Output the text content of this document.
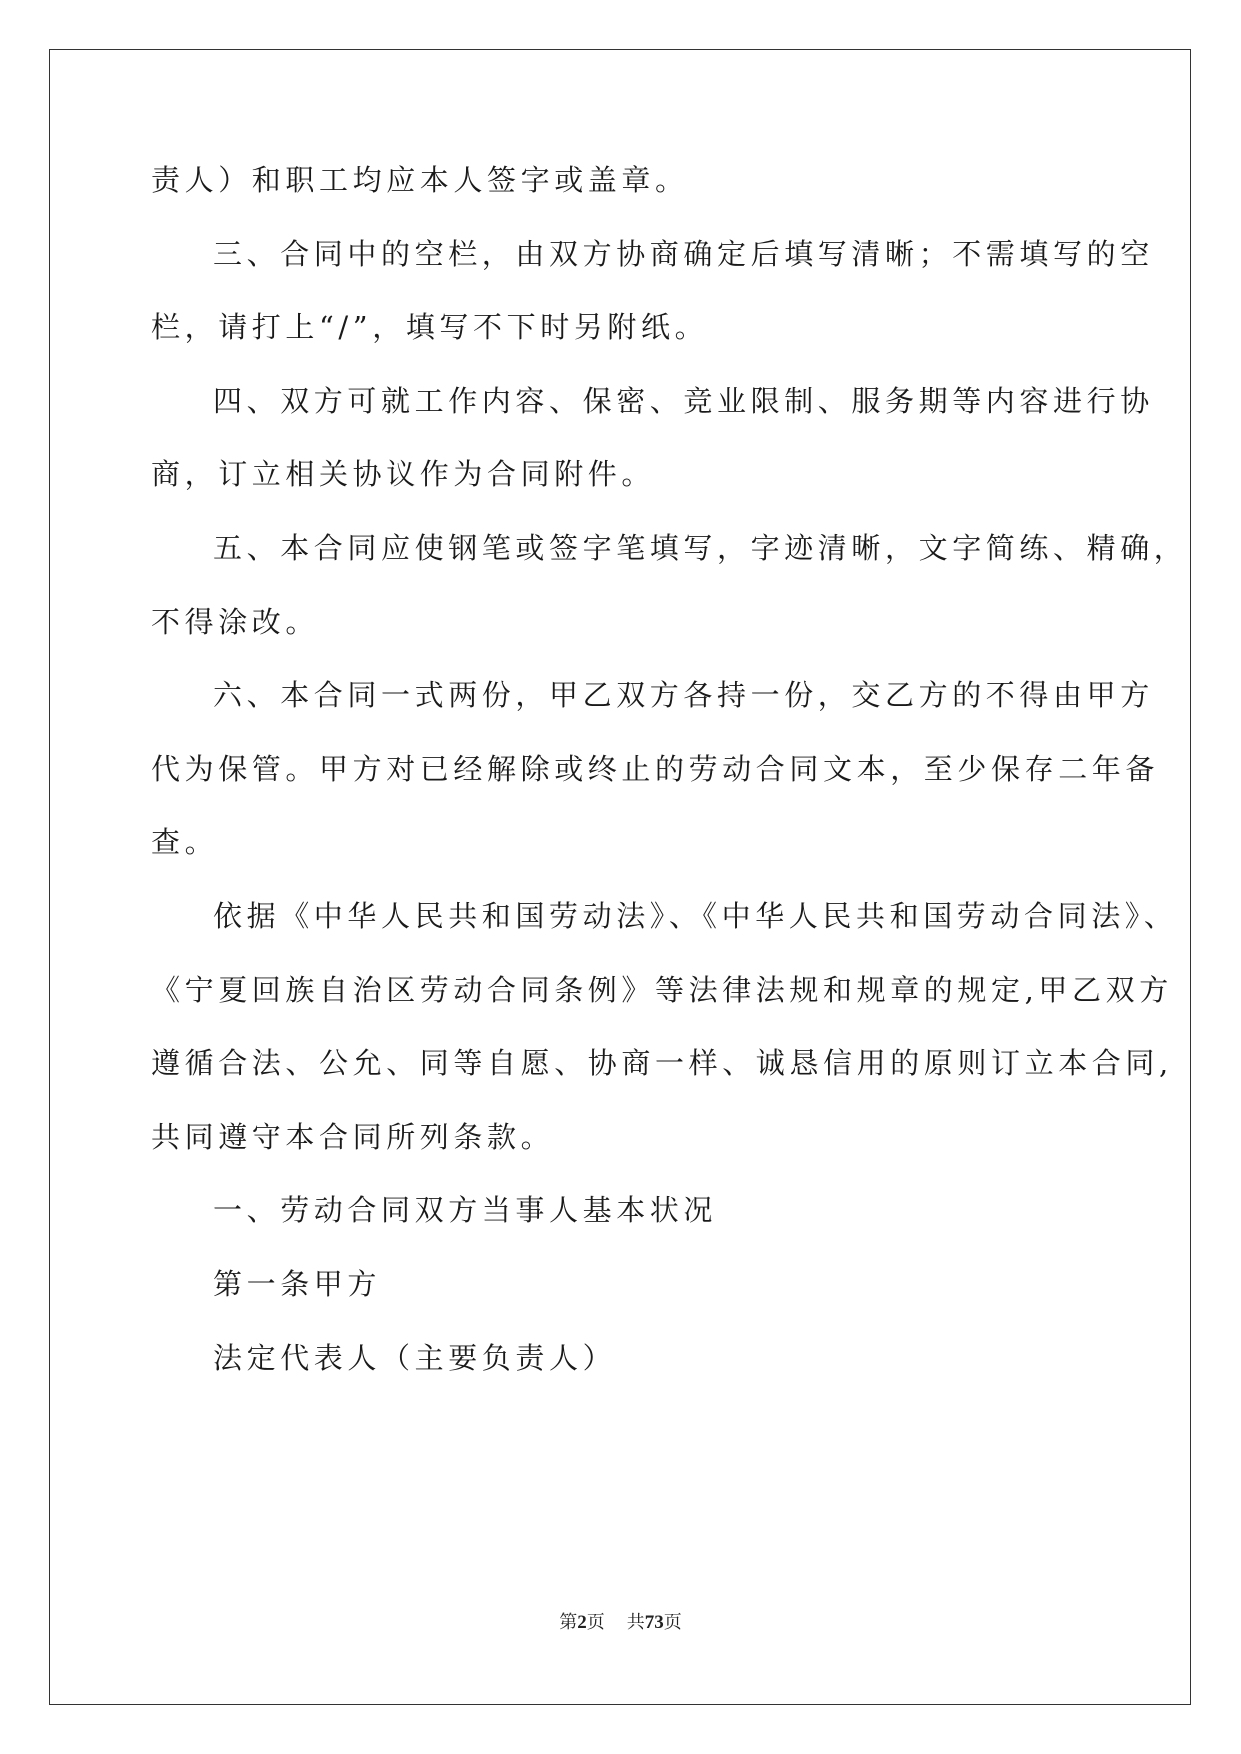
责人）和职工均应本人签字或盖章。
三、合同中的空栏，由双方协商确定后填写清晰；不需填写的空
栏，请打上“/”，填写不下时另附纸。
四、双方可就工作内容、保密、竞业限制、服务期等内容进行协
商，订立相关协议作为合同附件。
五、本合同应使钢笔或签字笔填写，字迹清晰，文字简练、精确，
不得涂改。
六、本合同一式两份，甲乙双方各持一份，交乙方的不得由甲方
代为保管。甲方对已经解除或终止的劳动合同文本，至少保存二年备
查。
依据《中华人民共和国劳动法》、《中华人民共和国劳动合同法》、
《宁夏回族自治区劳动合同条例》等法律法规和规章的规定,甲乙双方
遵循合法、公允、同等自愿、协商一样、诚恳信用的原则订立本合同,
共同遵守本合同所列条款。
一、劳动合同双方当事人基本状况
第一条甲方
法定代表人（主要负责人）
第2页 共73页
